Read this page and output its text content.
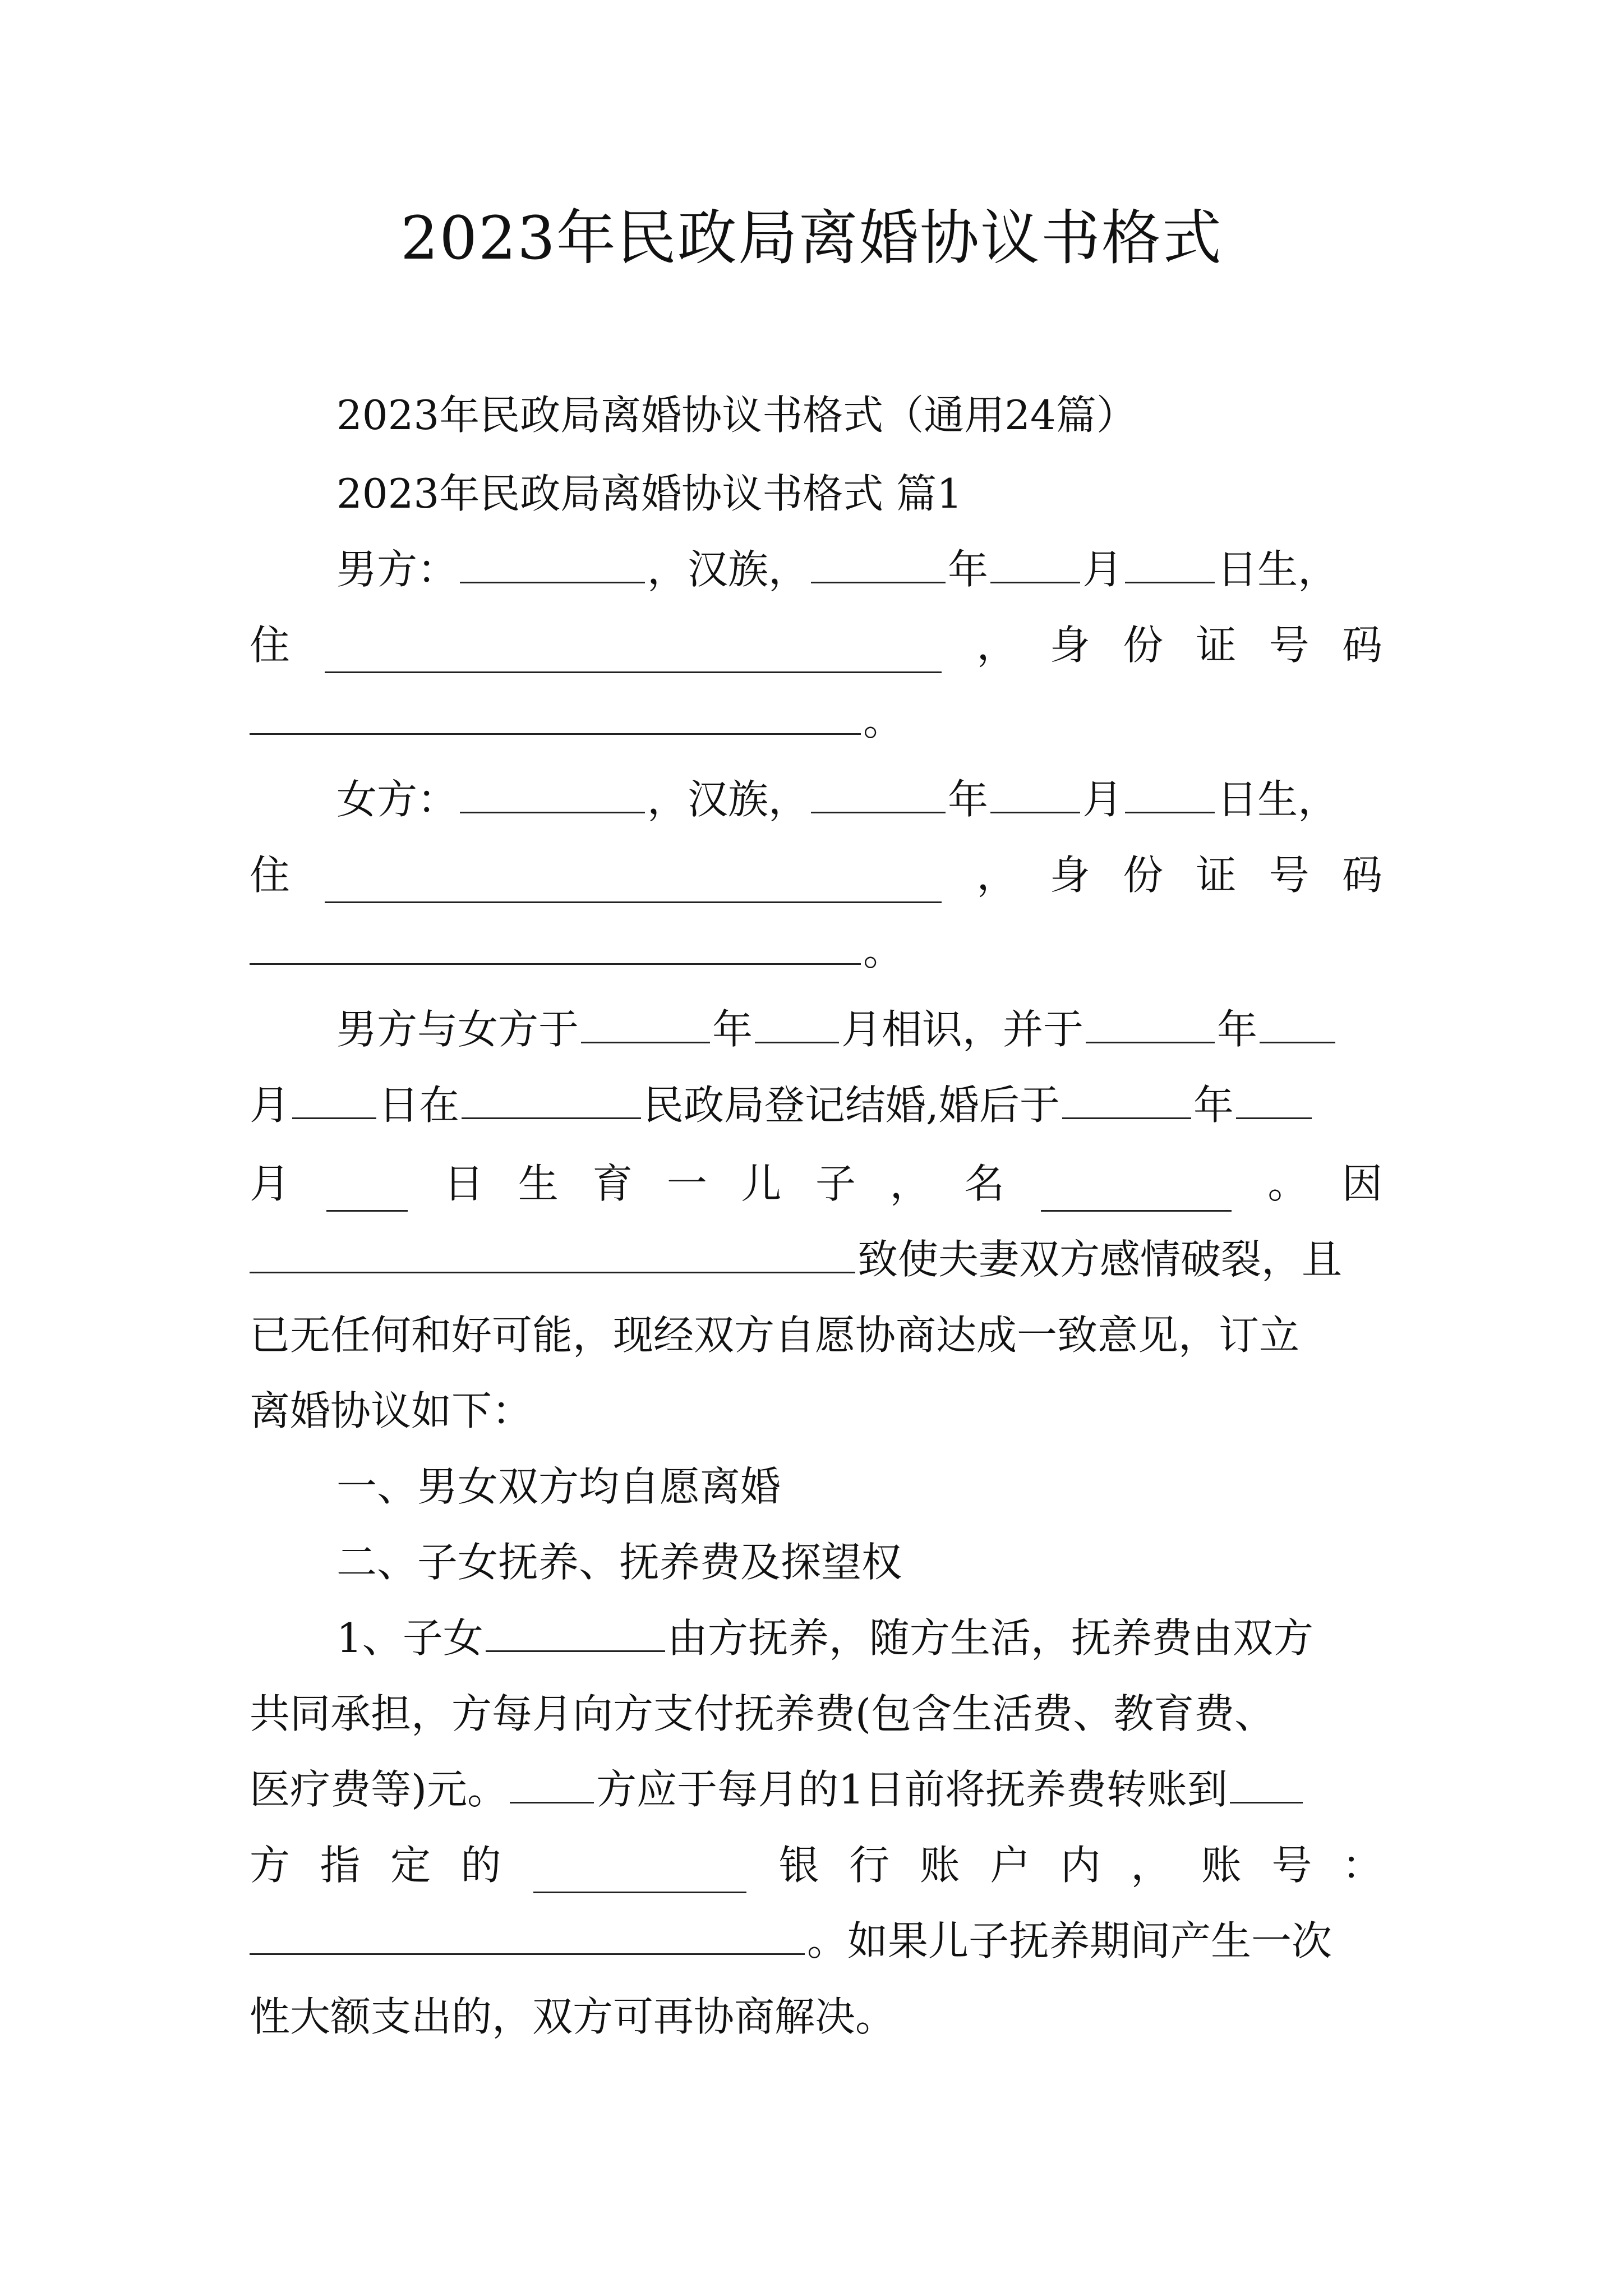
2023年民政局离婚协议书格式
2023年民政局离婚协议书格式（通用24篇）
2023年民政局离婚协议书格式 篇1
男方：	，汉族，	年 月 日生，
住	， 身 份 证 号 码
。
女方：	，汉族，	年 月 日生，
住	， 身 份 证 号 码
。
男方与女方于	年 月相识，并于	年
月 日在	民政局登记结婚,婚后于	年
月	日 生 育 一 儿 子 ， 名	。 因
致使夫妻双方感情破裂，且
已无任何和好可能，现经双方自愿协商达成一致意见，订立
离婚协议如下：
一、男女双方均自愿离婚
二、子女抚养、抚养费及探望权
1、子女	由方抚养，随方生活，抚养费由双方
共同承担，方每月向方支付抚养费(包含生活费、教育费、
医疗费等)元。 方应于每月的1日前将抚养费转账到
方 指 定 的	银 行 账 户 内 ， 账 号 ：
。如果儿子抚养期间产生一次
性大额支出的，双方可再协商解决。
